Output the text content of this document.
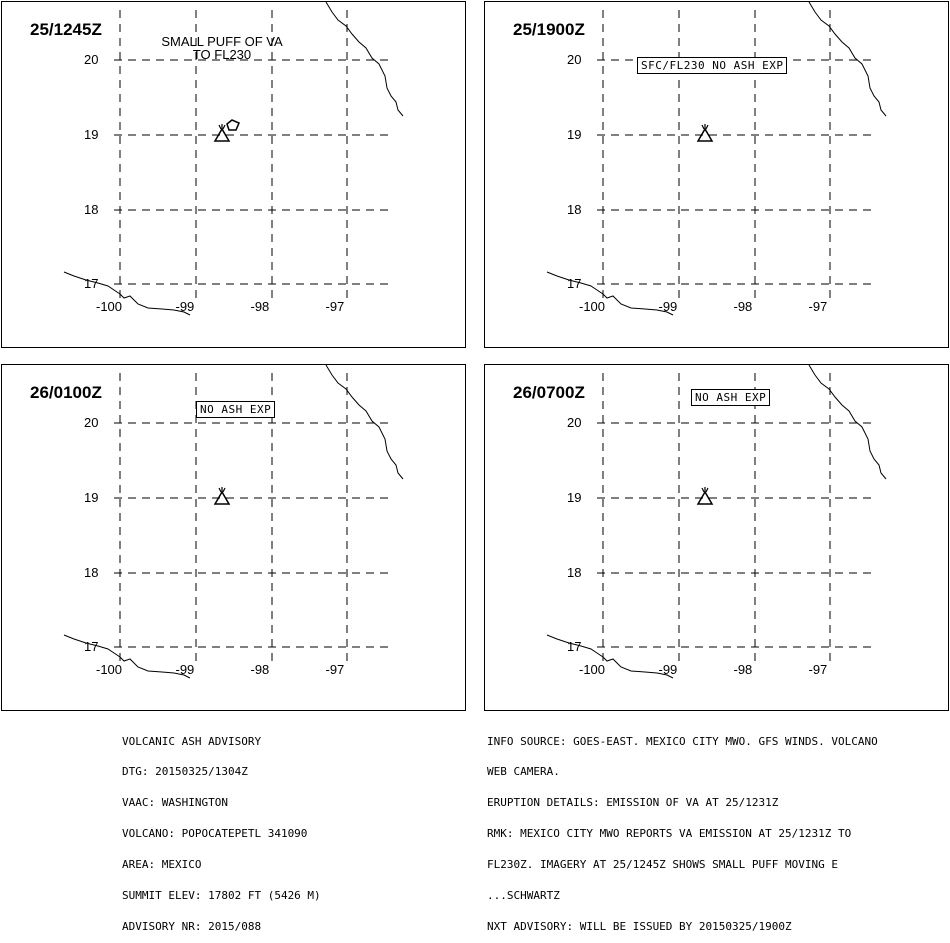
25/1245Z
SMALL PUFF OF VA
TO FL230
20
19
18
17
-100	-99	-98	-97
25/1900Z
SFC/FL230 NO ASH EXP
20
19
18
17
-100	-99	-98	-97
26/0100Z
NO ASH EXP
20
19
18
17
-100	-99	-98	-97
26/0700Z	NO ASH EXP
20
19
18
17
-100	-99	-98	-97

VOLCANIC ASH ADVISORY

DTG: 20150325/1304Z

VAAC: WASHINGTON

VOLCANO: POPOCATEPETL 341090

AREA: MEXICO

SUMMIT ELEV: 17802 FT (5426 M)

ADVISORY NR: 2015/088

INFO SOURCE: GOES-EAST. MEXICO CITY MWO. GFS WINDS. VOLCANO

WEB CAMERA.

ERUPTION DETAILS: EMISSION OF VA AT 25/1231Z

RMK: MEXICO CITY MWO REPORTS VA EMISSION AT 25/1231Z TO

FL230Z. IMAGERY AT 25/1245Z SHOWS SMALL PUFF MOVING E

...SCHWARTZ

NXT ADVISORY: WILL BE ISSUED BY 20150325/1900Z
